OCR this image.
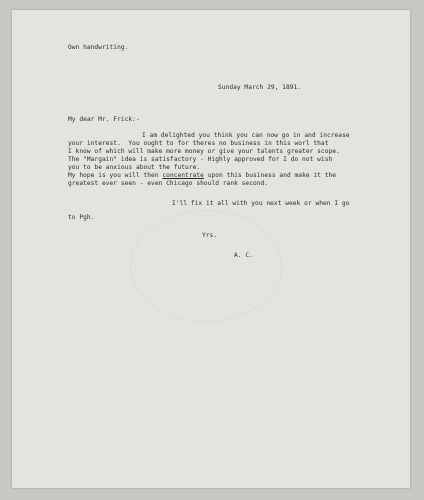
Own handwriting.
Sunday March 29, 1891.
My dear Mr. Frick:-
I am delighted you think you can now go in and increase
your interest.  You ought to for theres no business in this worl that
I know of which will make more money or give your talents greater scope.
The "Margain" idea is satisfactory - Highly approved for I do not wish
you to be anxious about the future.
My hope is you will then concentrate upon this business and make it the
greatest ever seen - even Chicago should rank second.
I'll fix it all with you next week or when I go
to Pgh.
Yrs.
A. C.
